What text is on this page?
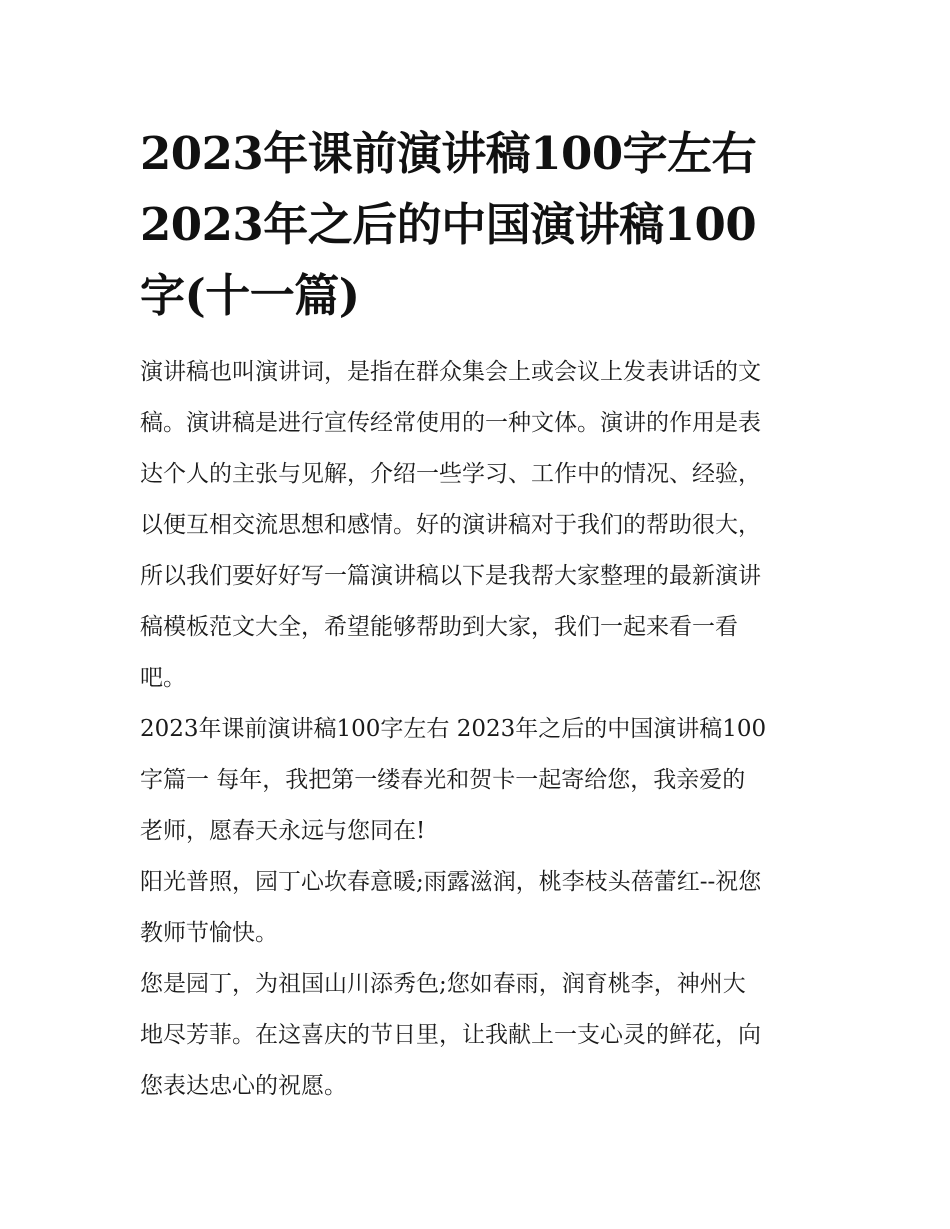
2023年课前演讲稿100字左右
2023年之后的中国演讲稿100
字(十一篇)

演讲稿也叫演讲词，是指在群众集会上或会议上发表讲话的文
稿。演讲稿是进行宣传经常使用的一种文体。演讲的作用是表
达个人的主张与见解，介绍一些学习、工作中的情况、经验，
以便互相交流思想和感情。好的演讲稿对于我们的帮助很大，
所以我们要好好写一篇演讲稿以下是我帮大家整理的最新演讲
稿模板范文大全，希望能够帮助到大家，我们一起来看一看
吧。

2023年课前演讲稿100字左右 2023年之后的中国演讲稿100
字篇一 每年，我把第一缕春光和贺卡一起寄给您，我亲爱的
老师，愿春天永远与您同在!

阳光普照，园丁心坎春意暖;雨露滋润，桃李枝头蓓蕾红--祝您
教师节愉快。

您是园丁，为祖国山川添秀色;您如春雨，润育桃李，神州大
地尽芳菲。在这喜庆的节日里，让我献上一支心灵的鲜花，向
您表达忠心的祝愿。
